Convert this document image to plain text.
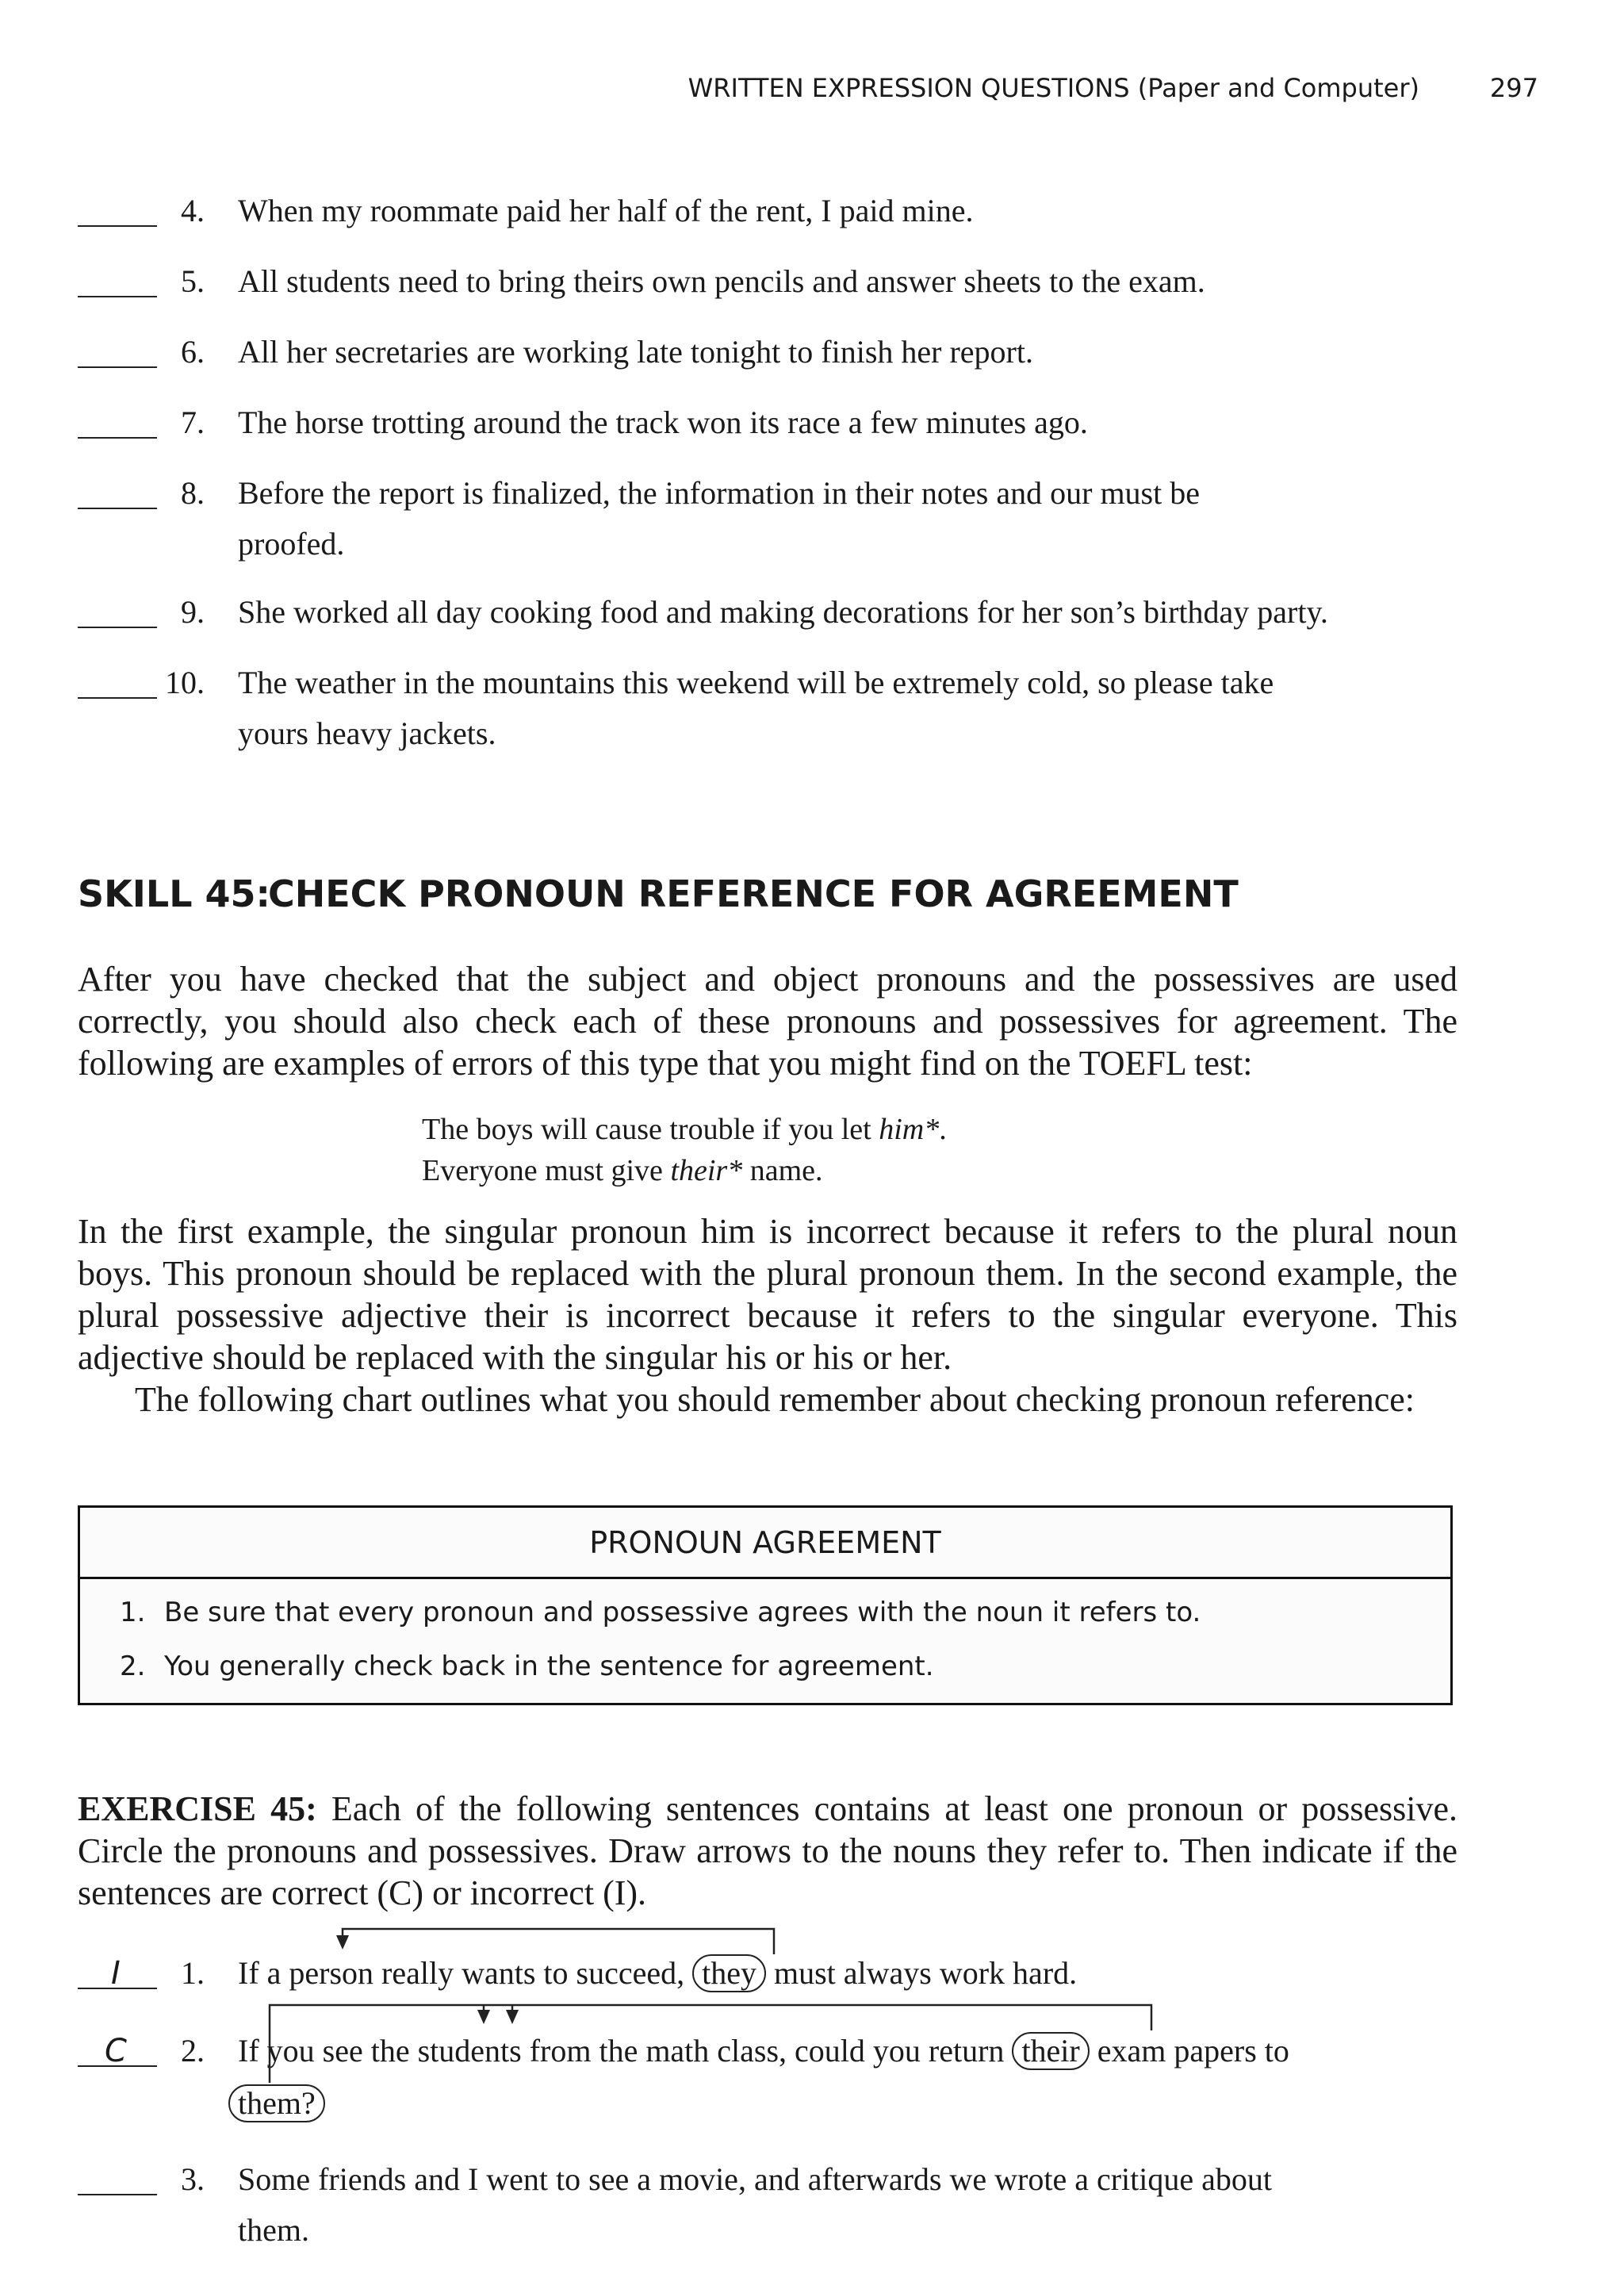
WRITTEN EXPRESSION QUESTIONS (Paper and Computer)	297
4. When my roommate paid her half of the rent, I paid mine.
5. All students need to bring theirs own pencils and answer sheets to the exam.
6. All her secretaries are working late tonight to finish her report.
7. The horse trotting around the track won its race a few minutes ago.
8. Before the report is finalized, the information in their notes and our must be
proofed.
9. She worked all day cooking food and making decorations for her son’s birthday party.
10. The weather in the mountains this weekend will be extremely cold, so please take
yours heavy jackets.
SKILL 45:
CHECK PRONOUN REFERENCE FOR AGREEMENT
After you have checked that the subject and object pronouns and the possessives are used correctly, you should also check each of these pronouns and possessives for agreement. The following are examples of errors of this type that you might find on the TOEFL test:
The boys will cause trouble if you let him*.
Everyone must give their* name.
In the first example, the singular pronoun him is incorrect because it refers to the plural noun boys. This pronoun should be replaced with the plural pronoun them. In the second example, the plural possessive adjective their is incorrect because it refers to the singular everyone. This adjective should be replaced with the singular his or his or her.
The following chart outlines what you should remember about checking pronoun reference:
PRONOUN AGREEMENT
1. Be sure that every pronoun and possessive agrees with the noun it refers to.
2. You generally check back in the sentence for agreement.
EXERCISE 45: Each of the following sentences contains at least one pronoun or possessive. Circle the pronouns and possessives. Draw arrows to the nouns they refer to. Then indicate if the sentences are correct (C) or incorrect (I).
I	1. If a person really wants to succeed, they must always work hard.
C	2. If you see the students from the math class, could you return their exam papers to
them?
3. Some friends and I went to see a movie, and afterwards we wrote a critique about
them.
